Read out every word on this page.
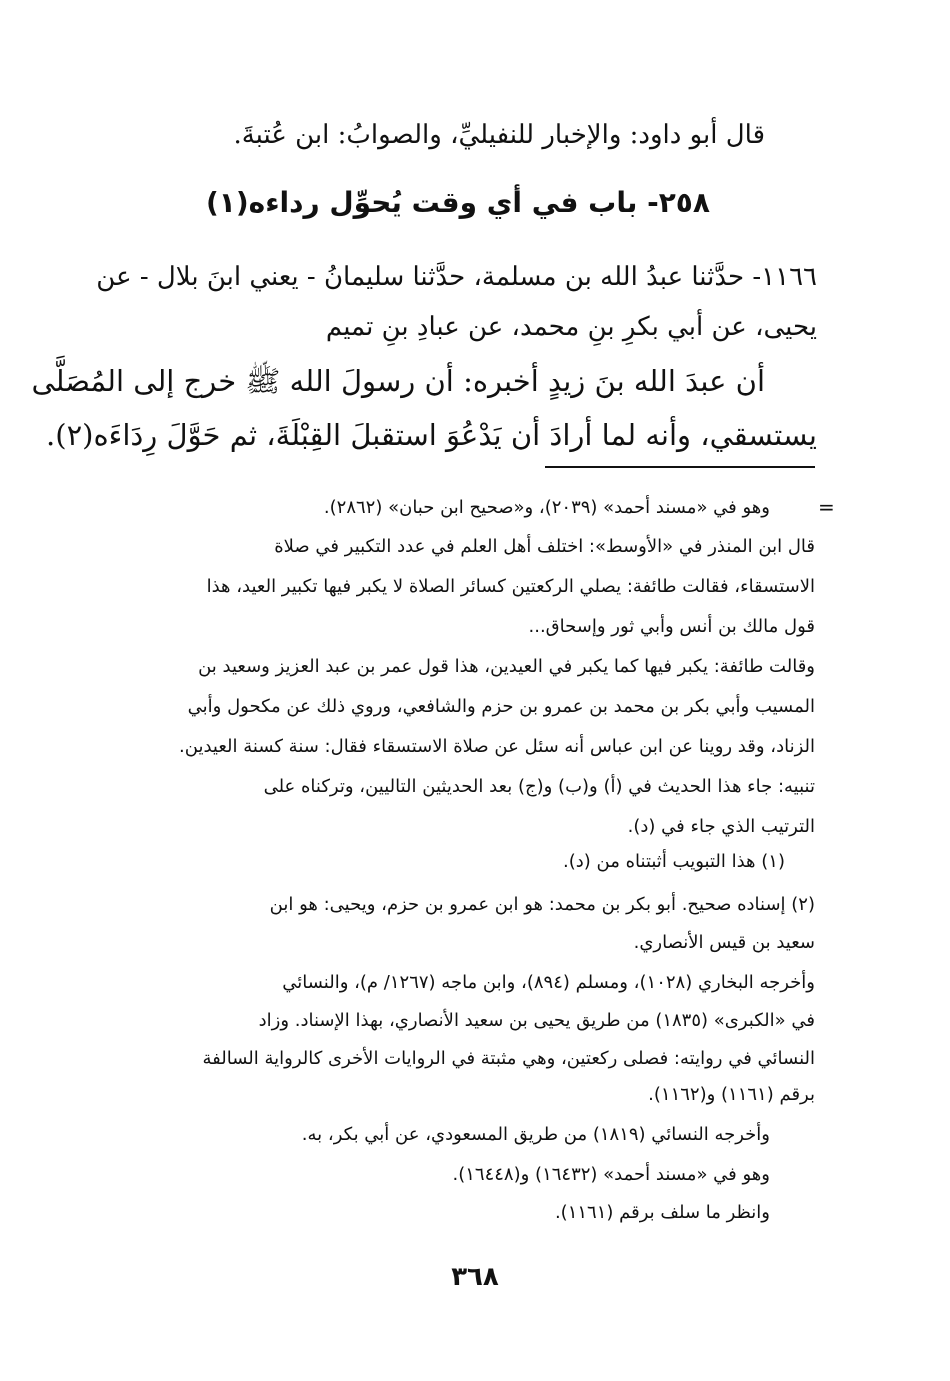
قال أبو داود: والإخبار للنفيليِّ، والصوابُ: ابن عُتبةَ.
٢٥٨- باب في أي وقت يُحوِّل رداءه(١)
١١٦٦- حدَّثنا عبدُ الله بن مسلمة، حدَّثنا سليمانُ - يعني ابنَ بلال - عن
يحيى، عن أبي بكرِ بنِ محمد، عن عبادِ بنِ تميم
أن عبدَ الله بنَ زيدٍ أخبره: أن رسولَ الله ﷺ خرج إلى المُصَلَّى
يستسقي، وأنه لما أرادَ أن يَدْعُوَ استقبلَ القِبْلَةَ، ثم حَوَّلَ رِدَاءَه(٢).
=
وهو في «مسند أحمد» (٢٠٣٩)، و«صحيح ابن حبان» (٢٨٦٢).
قال ابن المنذر في «الأوسط»: اختلف أهل العلم في عدد التكبير في صلاة
الاستسقاء، فقالت طائفة: يصلي الركعتين كسائر الصلاة لا يكبر فيها تكبير العيد، هذا
قول مالك بن أنس وأبي ثور وإسحاق...
وقالت طائفة: يكبر فيها كما يكبر في العيدين، هذا قول عمر بن عبد العزيز وسعيد بن
المسيب وأبي بكر بن محمد بن عمرو بن حزم والشافعي، وروي ذلك عن مكحول وأبي
الزناد، وقد روينا عن ابن عباس أنه سئل عن صلاة الاستسقاء فقال: سنة كسنة العيدين.
تنبيه: جاء هذا الحديث في (أ) و(ب) و(ج) بعد الحديثين التاليين، وتركناه على
الترتيب الذي جاء في (د).
(١) هذا التبويب أثبتناه من (د).
(٢) إسناده صحيح. أبو بكر بن محمد: هو ابن عمرو بن حزم، ويحيى: هو ابن
سعيد بن قيس الأنصاري.
وأخرجه البخاري (١٠٢٨)، ومسلم (٨٩٤)، وابن ماجه (١٢٦٧/ م)، والنسائي
في «الكبرى» (١٨٣٥) من طريق يحيى بن سعيد الأنصاري، بهذا الإسناد. وزاد
النسائي في روايته: فصلى ركعتين، وهي مثبتة في الروايات الأخرى كالرواية السالفة
برقم (١١٦١) و(١١٦٢).
وأخرجه النسائي (١٨١٩) من طريق المسعودي، عن أبي بكر، به.
وهو في «مسند أحمد» (١٦٤٣٢) و(١٦٤٤٨).
وانظر ما سلف برقم (١١٦١).
٣٦٨
